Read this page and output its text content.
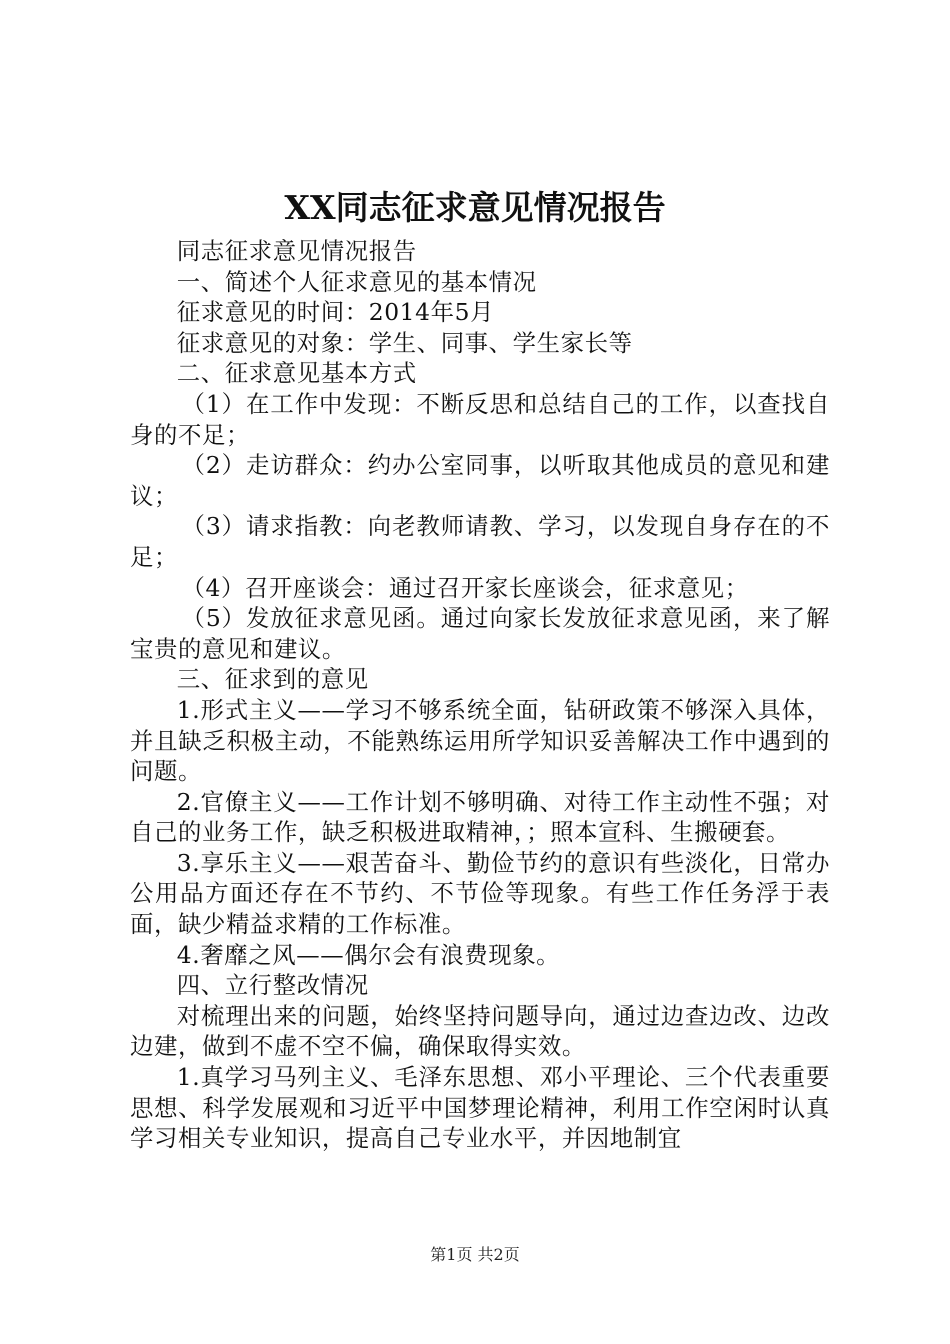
XX同志征求意见情况报告

同志征求意见情况报告

一、简述个人征求意见的基本情况

征求意见的时间：2014年5月

征求意见的对象：学生、同事、学生家长等

二、征求意见基本方式

（1）在工作中发现：不断反思和总结自己的工作，以查找自身的不足；

（2）走访群众：约办公室同事，以听取其他成员的意见和建议；

（3）请求指教：向老教师请教、学习，以发现自身存在的不足；

（4）召开座谈会：通过召开家长座谈会，征求意见；

（5）发放征求意见函。通过向家长发放征求意见函，来了解宝贵的意见和建议。

三、征求到的意见

1.形式主义——学习不够系统全面，钻研政策不够深入具体，并且缺乏积极主动，不能熟练运用所学知识妥善解决工作中遇到的问题。

2.官僚主义——工作计划不够明确、对待工作主动性不强；对自己的业务工作，缺乏积极进取精神，；照本宣科、生搬硬套。

3.享乐主义——艰苦奋斗、勤俭节约的意识有些淡化，日常办公用品方面还存在不节约、不节俭等现象。有些工作任务浮于表面，缺少精益求精的工作标准。

4.奢靡之风——偶尔会有浪费现象。

四、立行整改情况

对梳理出来的问题，始终坚持问题导向，通过边查边改、边改边建，做到不虚不空不偏，确保取得实效。

1.真学习马列主义、毛泽东思想、邓小平理论、三个代表重要思想、科学发展观和习近平中国梦理论精神，利用工作空闲时认真学习相关专业知识，提高自己专业水平，并因地制宜

第1页 共2页
